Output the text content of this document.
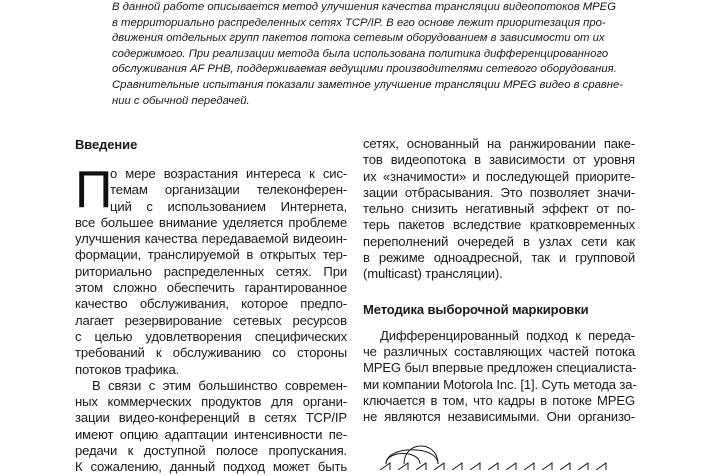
В данной работе описывается метод улучшения качества трансляции видеопотоков MPEG
в территориально распределенных сетях TCP/IP. В его основе лежит приоритезация про-
движения отдельных групп пакетов потока сетевым оборудованием в зависимости от их
содержимого. При реализации метода была использована политика дифференцированного
обслуживания AF PHB, поддерживаемая ведущими производителями сетевого оборудования.
Сравнительные испытания показали заметное улучшение трансляции MPEG видео в сравне-
нии с обычной передачей.
Введение
П
о мере возрастания интереса к сис-
темам организации телеконферен-
ций с использованием Интернета,
все большее внимание уделяется проблеме
улучшения качества передаваемой видеоин-
формации, транслируемой в открытых тер-
риториально распределенных сетях. При
этом сложно обеспечить гарантированное
качество обслуживания, которое предпо-
лагает резервирование сетевых ресурсов
с целью удовлетворения специфических
требований к обслуживанию со стороны
потоков трафика.
В связи с этим большинство современ-
ных коммерческих продуктов для органи-
зации видео-конференций в сетях TCP/IP
имеют опцию адаптации интенсивности пе-
редачи к доступной полосе пропускания.
К сожалению, данный подход может быть
сетях, основанный на ранжировании паке-
тов видеопотока в зависимости от уровня
их «значимости» и последующей приорите-
зации отбрасывания. Это позволяет значи-
тельно снизить негативный эффект от по-
терь пакетов вследствие кратковременных
переполнений очередей в узлах сети как
в режиме одноадресной, так и групповой
(multicast) трансляции).
Методика выборочной маркировки
Дифференцированный подход к переда-
че различных составляющих частей потока
MPEG был впервые предложен специалиста-
ми компании Motorola Inc. [1]. Суть метода за-
ключается в том, что кадры в потоке MPEG
не являются независимыми. Они организо-
